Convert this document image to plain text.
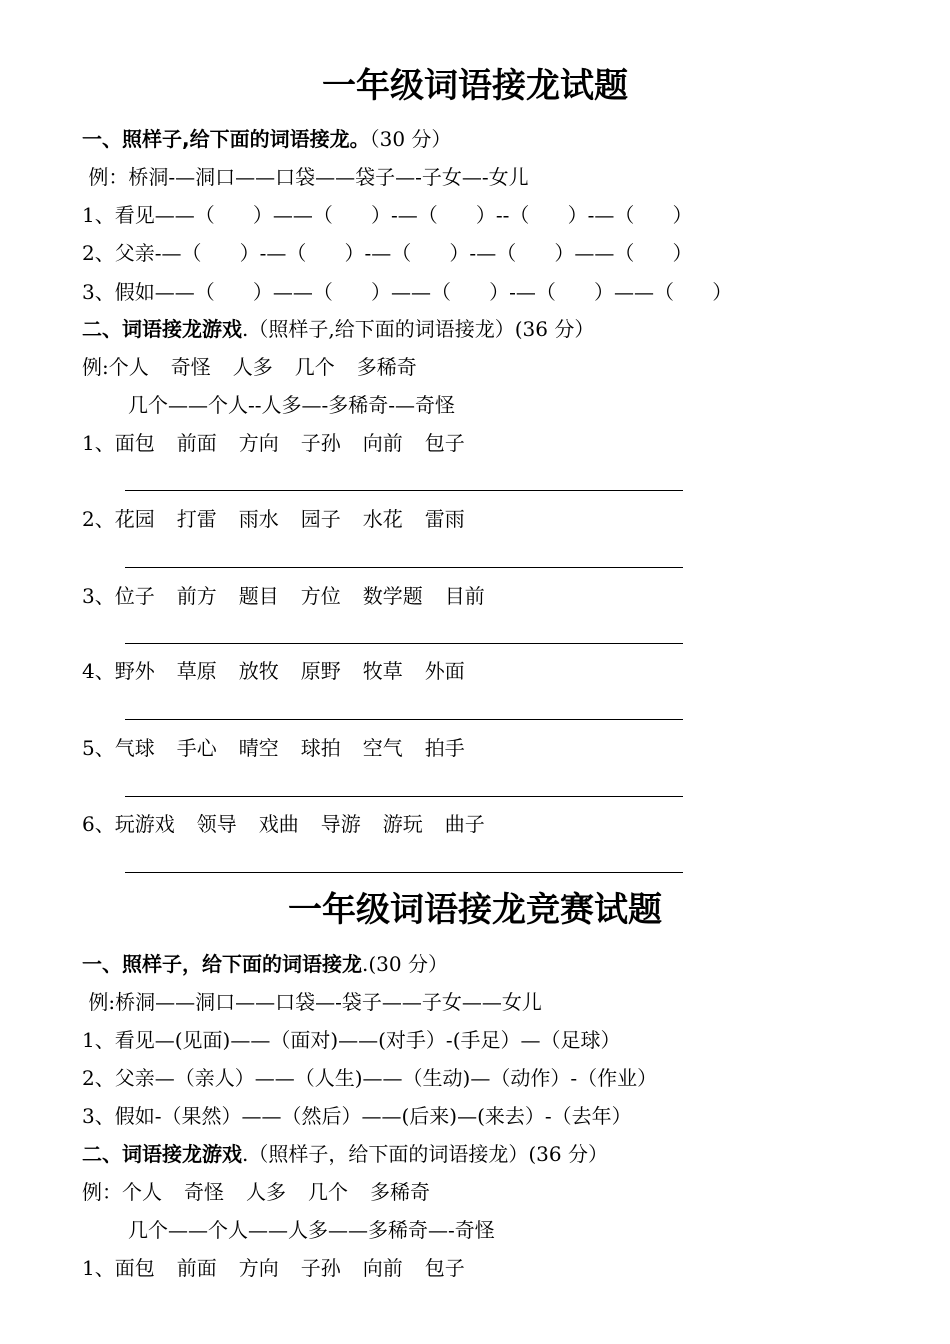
一年级词语接龙试题

一、照样子,给下面的词语接龙。（30 分）

例：桥洞-—洞口——口袋——袋子—-子女—-女儿

1、看见——（      ）——（      ）-—（      ）--（      ）-—（      ）

2、父亲-—（      ）-—（      ）-—（      ）-—（      ）——（      ）

3、假如——（      ）——（      ）——（      ）-—（      ）——（      ）

二、词语接龙游戏.（照样子,给下面的词语接龙）(36 分）

例:个人 奇怪 人多 几个 多稀奇

几个——个人--人多—-多稀奇-—奇怪

1、面包 前面 方向 子孙 向前 包子

2、花园 打雷 雨水 园子 水花 雷雨

3、位子 前方 题目 方位 数学题 目前

4、野外 草原 放牧 原野 牧草 外面

5、气球 手心 晴空 球拍 空气 拍手

6、玩游戏 领导 戏曲 导游 游玩 曲子

一年级词语接龙竞赛试题

一、照样子，给下面的词语接龙.(30 分）

例:桥洞——洞口——口袋—-袋子——子女——女儿

1、看见—(见面)——（面对)——(对手）-(手足）—（足球）

2、父亲—（亲人）——（人生)——（生动)—（动作）-（作业）

3、假如-（果然）——（然后）——(后来)—(来去）-（去年）

二、词语接龙游戏.（照样子，给下面的词语接龙）(36 分）

例：个人 奇怪 人多 几个 多稀奇

几个——个人——人多——多稀奇—-奇怪

1、面包 前面 方向 子孙 向前 包子
